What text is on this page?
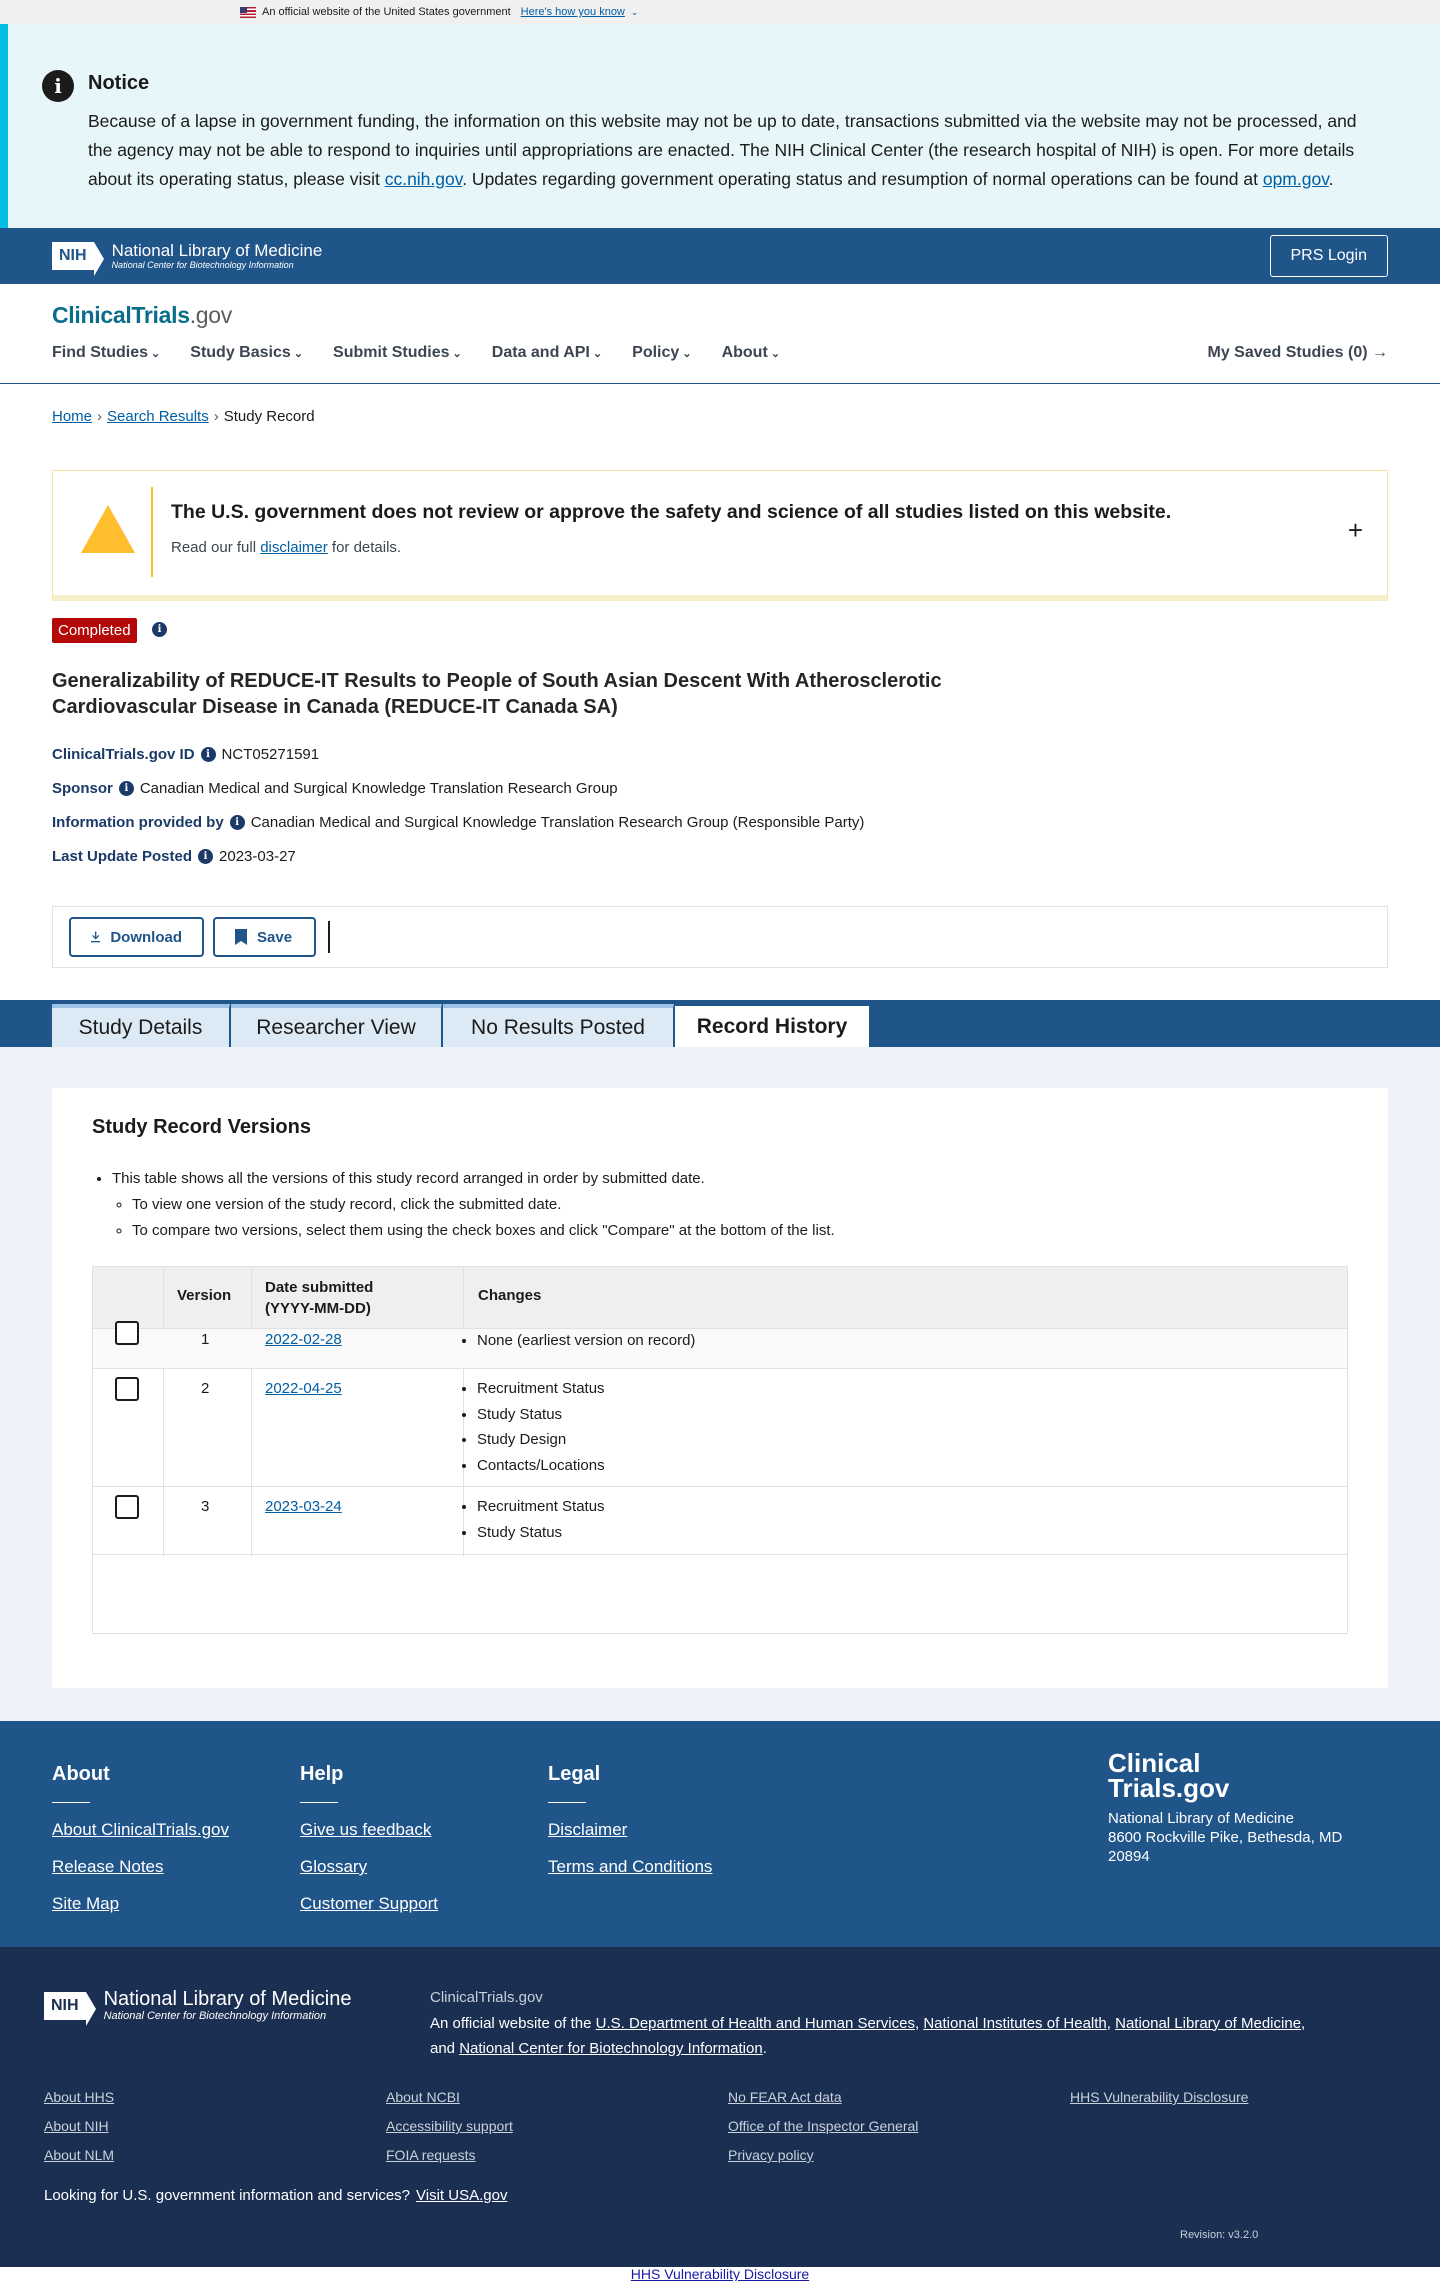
An official website of the United States government Here's how you know ⌄
i	Notice

Because of a lapse in government funding, the information on this website may not be up to date, transactions submitted via the website may not be processed, and the agency may not be able to respond to inquiries until appropriations are enacted. The NIH Clinical Center (the research hospital of NIH) is open. For more details about its operating status, please visit cc.nih.gov. Updates regarding government operating status and resumption of normal operations can be found at opm.gov.

NIH	National Library of Medicine
National Center for Biotechnology Information
PRS Login
ClinicalTrials.gov
Find Studies ⌄	Study Basics ⌄	Submit Studies ⌄	Data and API ⌄	Policy ⌄	About ⌄	My Saved Studies (0) →
Home › Search Results › Study Record
!
The U.S. government does not review or approve the safety and science of all studies listed on this website.
Read our full disclaimer for details.
+
Completed	i
Generalizability of REDUCE-IT Results to People of South Asian Descent With Atherosclerotic Cardiovascular Disease in Canada (REDUCE-IT Canada SA)
ClinicalTrials.gov ID	i NCT05271591
Sponsor	i Canadian Medical and Surgical Knowledge Translation Research Group
Information provided by	i Canadian Medical and Surgical Knowledge Translation Research Group (Responsible Party)
Last Update Posted	i 2023-03-27
Download	Save
Study Details	Researcher View	No Results Posted	Record History
Study Record Versions
• This table shows all the versions of this study record arranged in order by submitted date.
◦ To view one version of the study record, click the submitted date.
◦ To compare two versions, select them using the check boxes and click "Compare" at the bottom of the list.
Version Date submitted
(YYYY-MM-DD)
Changes
1	2022-02-28	• None (earliest version on record)
2	2022-04-25	• Recruitment Status
• Study Status
• Study Design
• Contacts/Locations
3	2023-03-24	• Recruitment Status
• Study Status
About
About ClinicalTrials.gov
Release Notes
Site Map
Help
Give us feedback
Glossary
Customer Support
Legal
Disclaimer
Terms and Conditions
Clinical
Trials.gov
National Library of Medicine
8600 Rockville Pike, Bethesda, MD
20894
NIH	National Library of Medicine
National Center for Biotechnology Information
ClinicalTrials.gov
An official website of the U.S. Department of Health and Human Services, National Institutes of Health, National Library of Medicine,
and National Center for Biotechnology Information.
About HHS
About NIH
About NLM
About NCBI
Accessibility support
FOIA requests
No FEAR Act data
Office of the Inspector General
Privacy policy
HHS Vulnerability Disclosure
Looking for U.S. government information and services? Visit USA.gov
Revision: v3.2.0
HHS Vulnerability Disclosure
